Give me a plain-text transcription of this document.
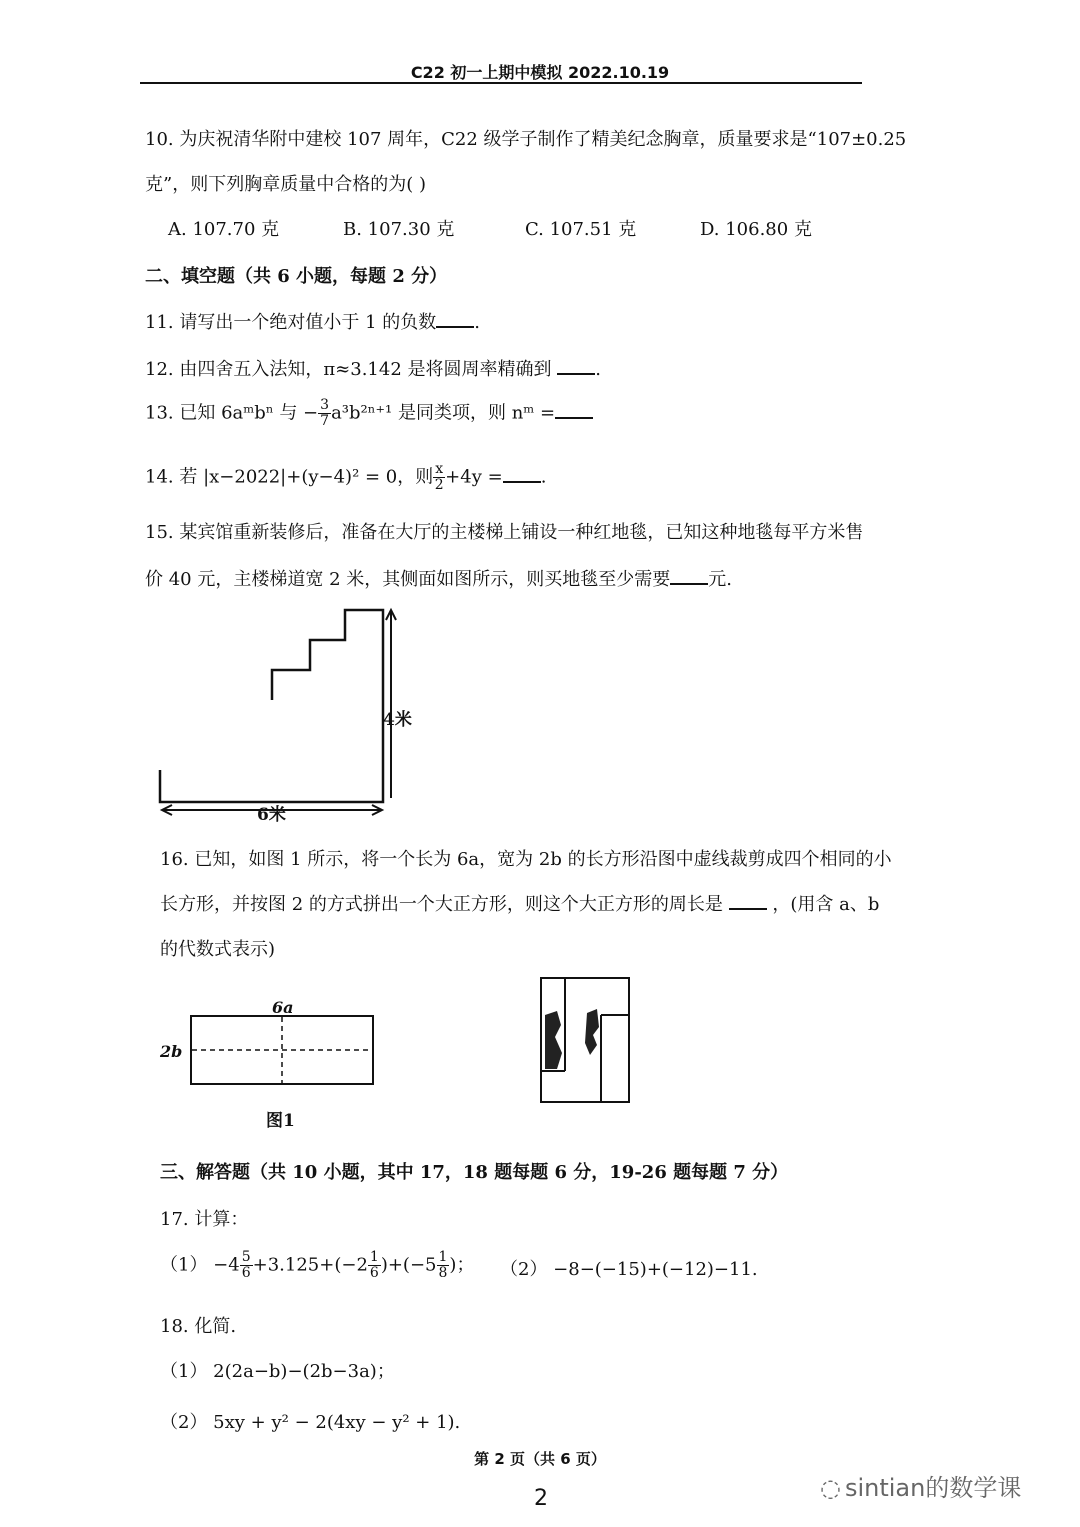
C22 初一上期中模拟 2022.10.19
10. 为庆祝清华附中建校 107 周年，C22 级学子制作了精美纪念胸章，质量要求是“107±0.25
克”，则下列胸章质量中合格的为( )
A. 107.70 克	B. 107.30 克	C. 107.51 克	D. 106.80 克
二、填空题（共 6 小题，每题 2 分）
11. 请写出一个绝对值小于 1 的负数 .
12. 由四舍五入法知，π≈3.142 是将圆周率精确到 .
13. 已知 6aᵐbⁿ 与 − $\frac{3}{7} a^3b^{2n+1}$ 是同类项，则 nᵐ =
14. 若 |x−2022|+(y−4)² = 0，则 $\frac{x}{2} +4y$ = .
15. 某宾馆重新装修后，准备在大厅的主楼梯上铺设一种红地毯，已知这种地毯每平方米售
价 40 元，主楼梯道宽 2 米，其侧面如图所示，则买地毯至少需要 元.
4米
6米
16. 已知，如图 1 所示，将一个长为 6a，宽为 2b 的长方形沿图中虚线裁剪成四个相同的小
长方形，并按图 2 的方式拼出一个大正方形，则这个大正方形的周长是	，(用含 a、b
的代数式表示)
6a
2b
图1
三、解答题（共 10 小题，其中 17，18 题每题 6 分，19-26 题每题 7 分）
17. 计算：
$(1) -4 \frac{5}{6} +3.125+(-2 \frac{1}{6} )+(-5 \frac{1}{8}$ )； （2） −8−(−15)+(−12)−11.
18. 化简.
（1） 2(2a−b)−(2b−3a)；
（2） 5xy + y² − 2(4xy − y² + 1).
第 2 页（共 6 页）
2	◌ sintian的数学课
